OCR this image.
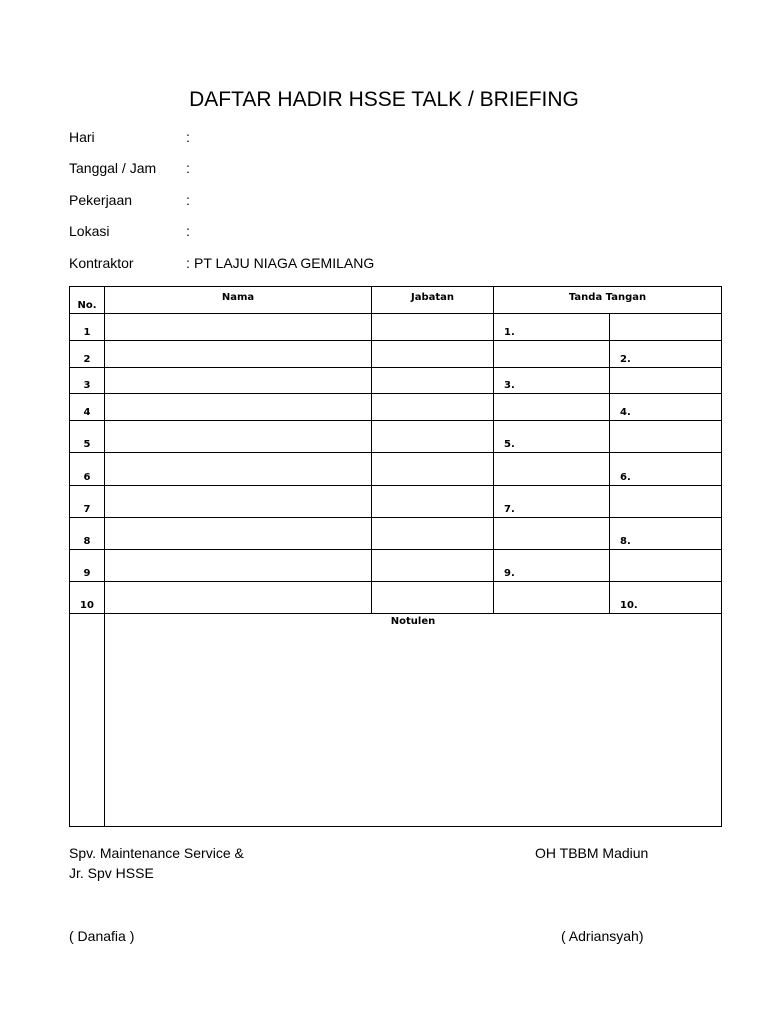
DAFTAR HADIR HSSE TALK / BRIEFING
Hari	:
Tanggal / Jam :
Pekerjaan	:
Lokasi	:
Kontraktor	: PT LAJU NIAGA GEMILANG
No.	Nama	Jabatan	Tanda Tangan	
1			1.	
2				2.
3			3.	
4				4.
5			5.	
6				6.
7			7.	
8				8.
9			9.	
10				10.
	Notulen			
Spv. Maintenance Service &
Jr. Spv HSSE
OH TBBM Madiun
( Danafia )	( Adriansyah)
